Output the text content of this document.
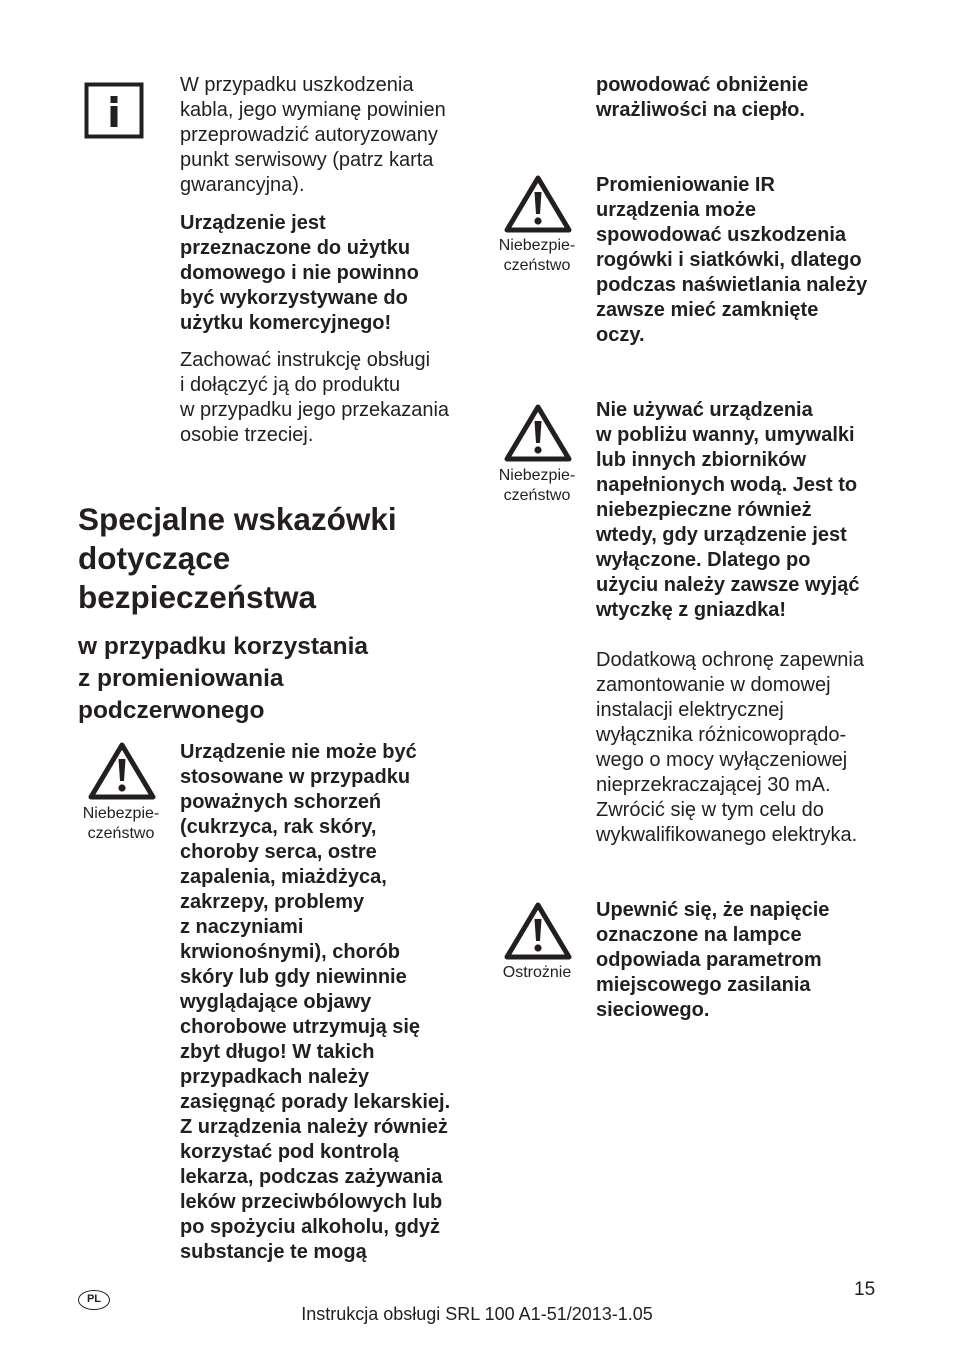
W przypadku uszkodzenia
kabla, jego wymianę powinien
przeprowadzić autoryzowany
punkt serwisowy (patrz karta
gwarancyjna).
Urządzenie jest
przeznaczone do użytku
domowego i nie powinno
być wykorzystywane do
użytku komercyjnego!
Zachować instrukcję obsługi
i dołączyć ją do produktu
w przypadku jego przekazania
osobie trzeciej.
Specjalne wskazówki
dotyczące
bezpieczeństwa
w przypadku korzystania
z promieniowania
podczerwonego
Niebezpie-
czeństwo
Urządzenie nie może być
stosowane w przypadku
poważnych schorzeń
(cukrzyca, rak skóry,
choroby serca, ostre
zapalenia, miażdżyca,
zakrzepy, problemy
z naczyniami
krwionośnymi), chorób
skóry lub gdy niewinnie
wyglądające objawy
chorobowe utrzymują się
zbyt długo! W takich
przypadkach należy
zasięgnąć porady lekarskiej.
Z urządzenia należy również
korzystać pod kontrolą
lekarza, podczas zażywania
leków przeciwbólowych lub
po spożyciu alkoholu, gdyż
substancje te mogą
powodować obniżenie
wrażliwości na ciepło.
Niebezpie-
czeństwo
Promieniowanie IR
urządzenia może
spowodować uszkodzenia
rogówki i siatkówki, dlatego
podczas naświetlania należy
zawsze mieć zamknięte
oczy.
Niebezpie-
czeństwo
Nie używać urządzenia
w pobliżu wanny, umywalki
lub innych zbiorników
napełnionych wodą. Jest to
niebezpieczne również
wtedy, gdy urządzenie jest
wyłączone. Dlatego po
użyciu należy zawsze wyjąć
wtyczkę z gniazdka!
Dodatkową ochronę zapewnia
zamontowanie w domowej
instalacji elektrycznej
wyłącznika różnicowoprądo-
wego o mocy wyłączeniowej
nieprzekraczającej 30 mA.
Zwrócić się w tym celu do
wykwalifikowanego elektryka.
Ostrożnie
Upewnić się, że napięcie
oznaczone na lampce
odpowiada parametrom
miejscowego zasilania
sieciowego.
PL	15
Instrukcja obsługi SRL 100 A1-51/2013-1.05
